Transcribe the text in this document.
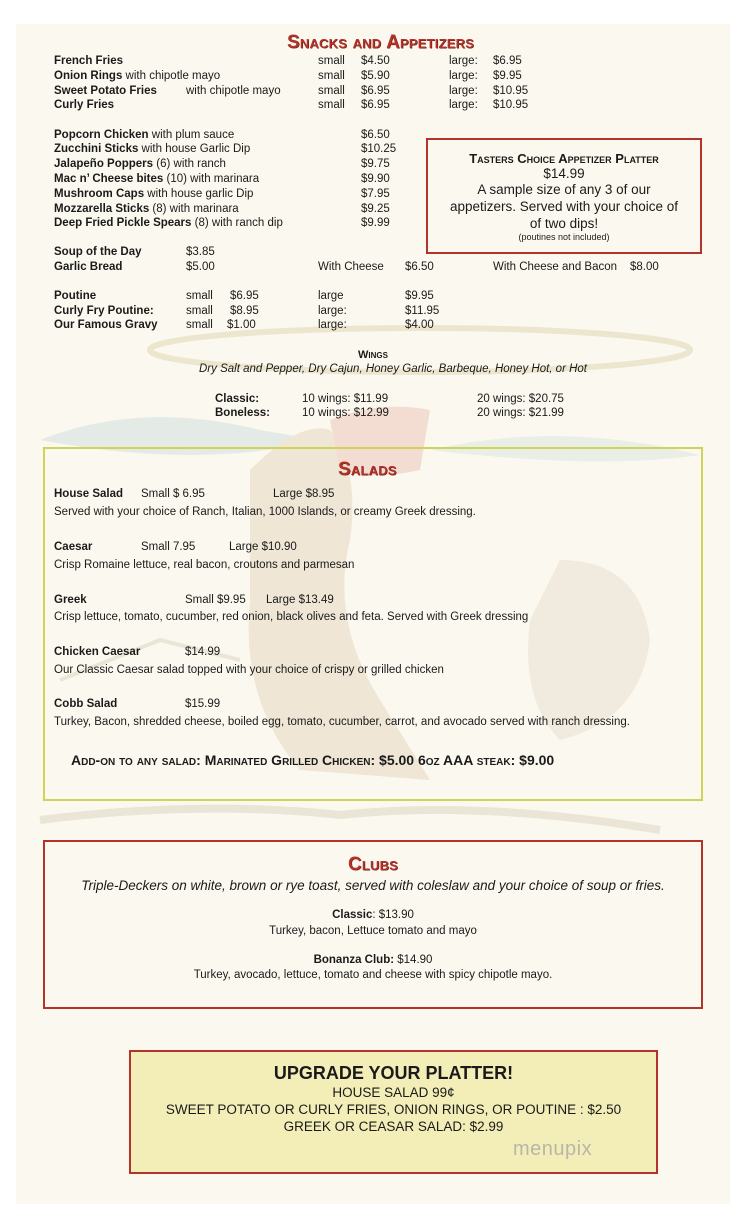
Snacks and Appetizers
French Fries	small $4.50	large: $6.95
Onion Rings with chipotle mayo	small $5.90	large: $9.95
Sweet Potato Fries	with chipotle mayo	small $6.95	large: $10.95
Curly Fries	small $6.95	large: $10.95
Popcorn Chicken with plum sauce	$6.50
Zucchini Sticks with house Garlic Dip	$10.25
Jalapeño Poppers (6) with ranch	$9.75
Mac n’ Cheese bites (10) with marinara	$9.90
Mushroom Caps with house garlic Dip	$7.95
Mozzarella Sticks (8) with marinara	$9.25
Deep Fried Pickle Spears (8) with ranch dip	$9.99
Tasters Choice Appetizer Platter
$14.99
A sample size of any 3 of our
appetizers. Served with your choice of
of two dips!
(poutines not included)
Soup of the Day	$3.85
Garlic Bread	$5.00	With Cheese $6.50	With Cheese and Bacon $8.00
Poutine	small $6.95	large	$9.95
Curly Fry Poutine:	small $8.95	large:	$11.95
Our Famous Gravy small $1.00	large:	$4.00
Wings
Dry Salt and Pepper, Dry Cajun, Honey Garlic, Barbeque, Honey Hot, or Hot
Classic:	10 wings: $11.99	20 wings: $20.75
Boneless:	10 wings: $12.99	20 wings: $21.99
Salads
House Salad Small $ 6.95	Large $8.95
Served with your choice of Ranch, Italian, 1000 Islands, or creamy Greek dressing.
Caesar	Small 7.95	Large $10.90
Crisp Romaine lettuce, real bacon, croutons and parmesan
Greek	Small $9.95 Large $13.49
Crisp lettuce, tomato, cucumber, red onion, black olives and feta. Served with Greek dressing
Chicken Caesar	$14.99
Our Classic Caesar salad topped with your choice of crispy or grilled chicken
Cobb Salad	$15.99
Turkey, Bacon, shredded cheese, boiled egg, tomato, cucumber, carrot, and avocado served with ranch dressing.
Add-on to any salad: Marinated Grilled Chicken: $5.00 6oz AAA steak: $9.00
Clubs
Triple-Deckers on white, brown or rye toast, served with coleslaw and your choice of soup or fries.
Classic: $13.90
Turkey, bacon, Lettuce tomato and mayo
Bonanza Club: $14.90
Turkey, avocado, lettuce, tomato and cheese with spicy chipotle mayo.
UPGRADE YOUR PLATTER!
HOUSE SALAD 99¢
SWEET POTATO OR CURLY FRIES, ONION RINGS, OR POUTINE : $2.50
GREEK OR CEASAR SALAD: $2.99
menupix
